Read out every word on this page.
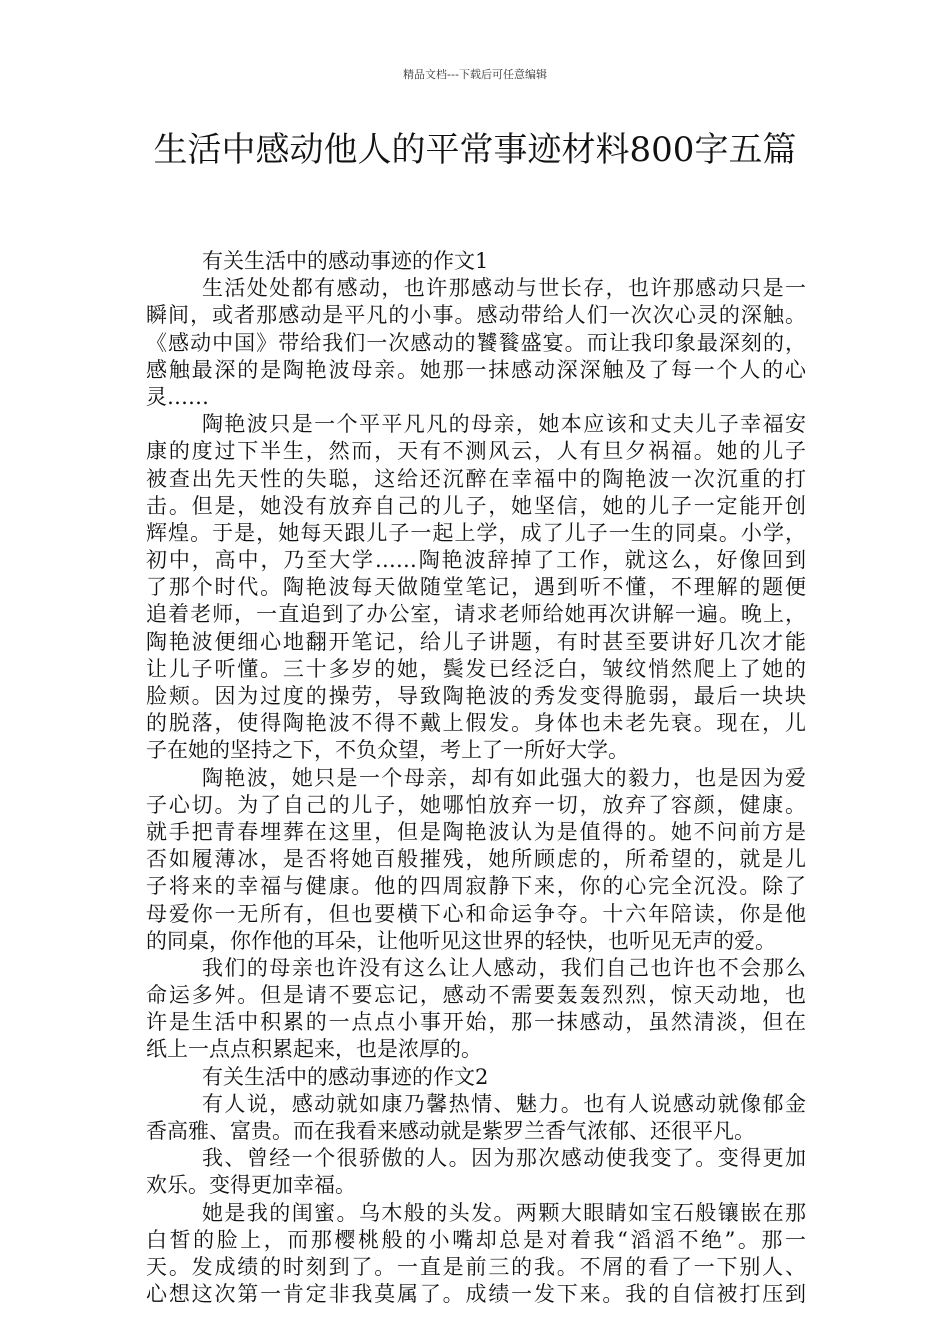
精品文档---下载后可任意编辑
生活中感动他人的平常事迹材料800字五篇
有关生活中的感动事迹的作文1
生活处处都有感动，也许那感动与世长存，也许那感动只是一
瞬间，或者那感动是平凡的小事。感动带给人们一次次心灵的深触。
《感动中国》带给我们一次感动的饕餮盛宴。而让我印象最深刻的，
感触最深的是陶艳波母亲。她那一抹感动深深触及了每一个人的心
灵……
陶艳波只是一个平平凡凡的母亲，她本应该和丈夫儿子幸福安
康的度过下半生，然而，天有不测风云，人有旦夕祸福。她的儿子
被查出先天性的失聪，这给还沉醉在幸福中的陶艳波一次沉重的打
击。但是，她没有放弃自己的儿子，她坚信，她的儿子一定能开创
辉煌。于是，她每天跟儿子一起上学，成了儿子一生的同桌。小学，
初中，高中，乃至大学……陶艳波辞掉了工作，就这么，好像回到
了那个时代。陶艳波每天做随堂笔记，遇到听不懂，不理解的题便
追着老师，一直追到了办公室，请求老师给她再次讲解一遍。晚上，
陶艳波便细心地翻开笔记，给儿子讲题，有时甚至要讲好几次才能
让儿子听懂。三十多岁的她，鬓发已经泛白，皱纹悄然爬上了她的
脸颊。因为过度的操劳，导致陶艳波的秀发变得脆弱，最后一块块
的脱落，使得陶艳波不得不戴上假发。身体也未老先衰。现在，儿
子在她的坚持之下，不负众望，考上了一所好大学。
陶艳波，她只是一个母亲，却有如此强大的毅力，也是因为爱
子心切。为了自己的儿子，她哪怕放弃一切，放弃了容颜，健康。
就手把青春埋葬在这里，但是陶艳波认为是值得的。她不问前方是
否如履薄冰，是否将她百般摧残，她所顾虑的，所希望的，就是儿
子将来的幸福与健康。他的四周寂静下来，你的心完全沉没。除了
母爱你一无所有，但也要横下心和命运争夺。十六年陪读，你是他
的同桌，你作他的耳朵，让他听见这世界的轻快，也听见无声的爱。
我们的母亲也许没有这么让人感动，我们自己也许也不会那么
命运多舛。但是请不要忘记，感动不需要轰轰烈烈，惊天动地，也
许是生活中积累的一点点小事开始，那一抹感动，虽然清淡，但在
纸上一点点积累起来，也是浓厚的。
有关生活中的感动事迹的作文2
有人说，感动就如康乃馨热情、魅力。也有人说感动就像郁金
香高雅、富贵。而在我看来感动就是紫罗兰香气浓郁、还很平凡。
我、曾经一个很骄傲的人。因为那次感动使我变了。变得更加
欢乐。变得更加幸福。
她是我的闺蜜。乌木般的头发。两颗大眼睛如宝石般镶嵌在那
白皙的脸上，而那樱桃般的小嘴却总是对着我“滔滔不绝”。那一
天。发成绩的时刻到了。一直是前三的我。不屑的看了一下别人、
心想这次第一肯定非我莫属了。成绩一发下来。我的自信被打压到
